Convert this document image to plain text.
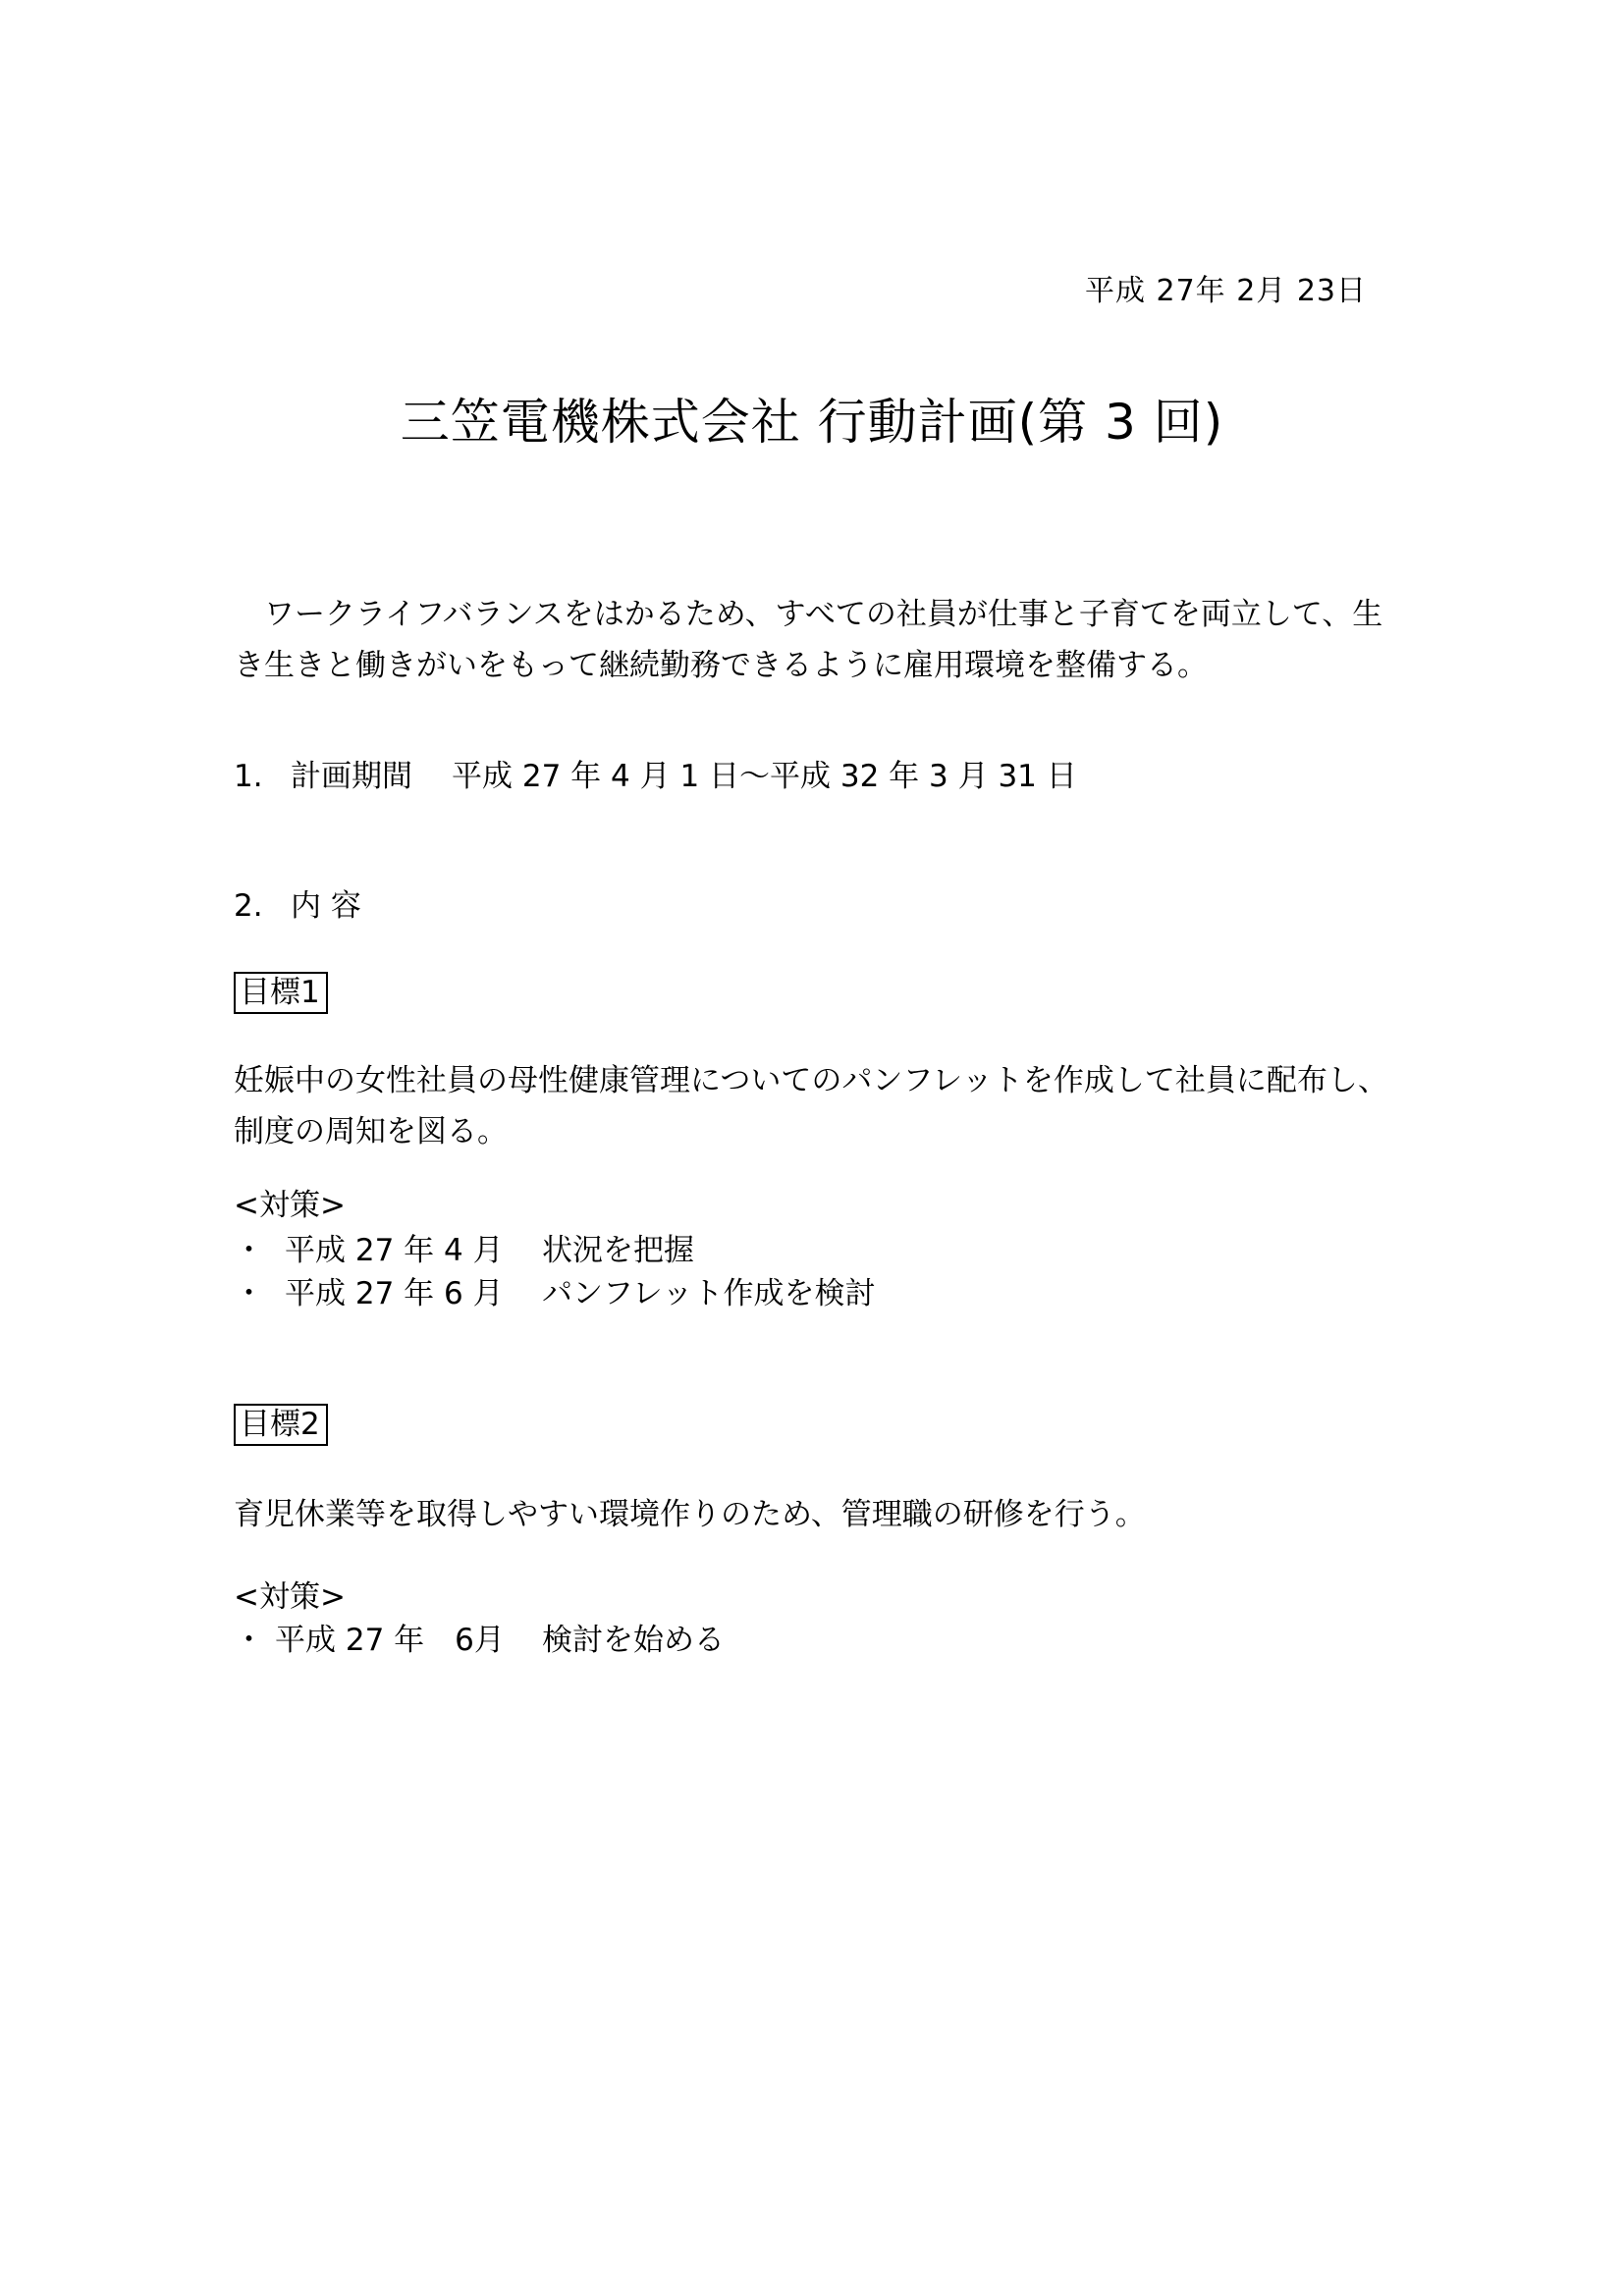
平成 27年 2月 23日
三笠電機株式会社 行動計画(第 3 回)
　ワークライフバランスをはかるため、すべての社員が仕事と子育てを両立して、生
き生きと働きがいをもって継続勤務できるように雇用環境を整備する。
1. 計画期間 平成 27 年 4 月 1 日～平成 32 年 3 月 31 日
2. 内 容
目標1
妊娠中の女性社員の母性健康管理についてのパンフレットを作成して社員に配布し、
制度の周知を図る。
<対策>
・ 平成 27 年 4 月 状況を把握
・ 平成 27 年 6 月 パンフレット作成を検討
目標2
育児休業等を取得しやすい環境作りのため、管理職の研修を行う。
<対策>
・ 平成 27 年　6月 検討を始める
